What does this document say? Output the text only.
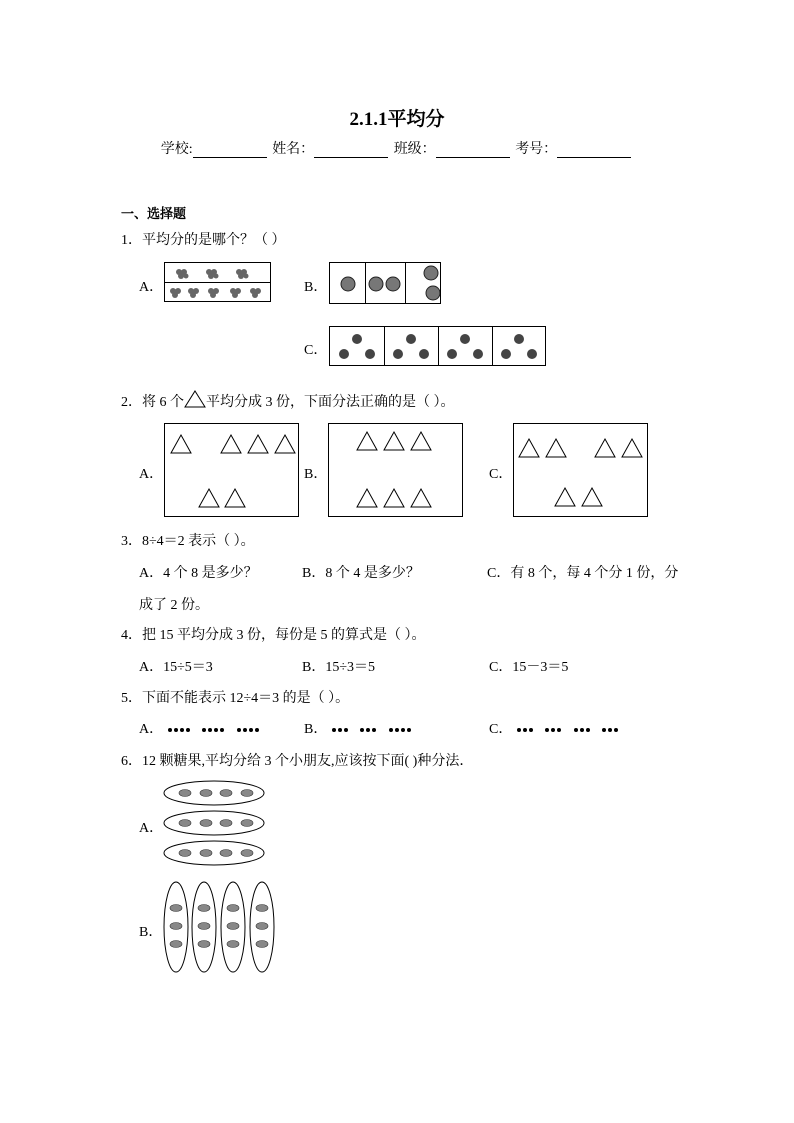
2.1.1平均分
学校:	姓名：	班级：	考号：
一、选择题
1．平均分的是哪个？（ ）
A．	B．
C．
2．将 6 个 平均分成 3 份，下面分法正确的是（ ）。
A．	B．	C．
3．8÷4＝2 表示（ ）。
A．4 个 8 是多少？	B．8 个 4 是多少？	C．有 8 个，每 4 个分 1 份，分
成了 2 份。
4．把 15 平均分成 3 份，每份是 5 的算式是（ ）。
A．15÷5＝3	B．15÷3＝5	C．15－3＝5
5．下面不能表示 12÷4＝3 的是（ ）。
A．	B．	C．
6．12 颗糖果,平均分给 3 个小朋友,应该按下面( )种分法．
A．
B．
